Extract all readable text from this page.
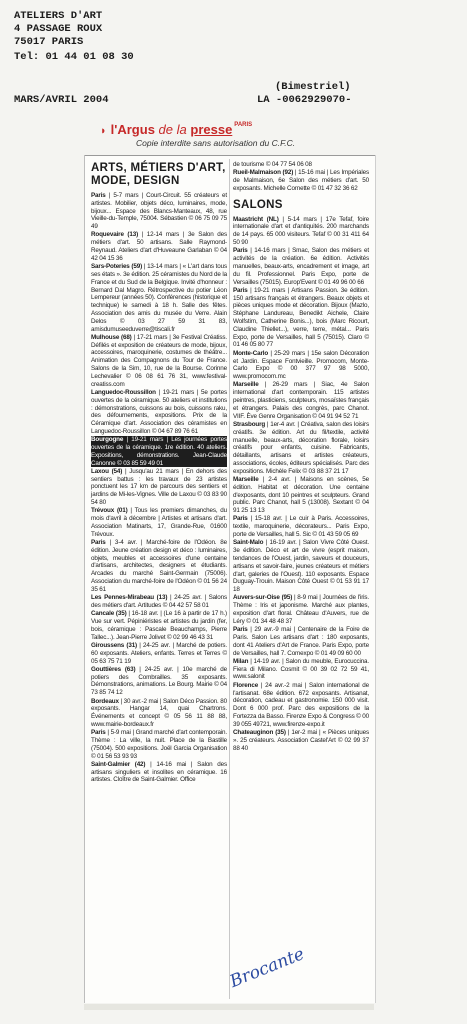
ATELIERS D'ART
4 PASSAGE ROUX
75017 PARIS
Tel: 01 44 01 08 30
MARS/AVRIL 2004
(Bimestriel)
LA -0062929070-
◗ l'Argus de la presse $^{PARIS}$
Copie interdite sans autorisation du C.F.C.
ARTS, MÉTIERS D'ART, MODE, DESIGN

Paris | 5-7 mars | Court-Circuit. 55 créateurs et artistes. Mobilier, objets déco, luminaires, mode, bijoux... Espace des Blancs-Manteaux, 48, rue Vieille-du-Temple, 75004. Sébastien © 06 75 09 75 49

Roquevaire (13) | 12-14 mars | 3e Salon des métiers d'art. 50 artisans. Salle Raymond-Reynaud. Ateliers d'art d'Huveaune Garlaban © 04 42 04 15 36

Sars-Poteries (59) | 13-14 mars | « L'art dans tous ses états ». 3e édition. 25 céramistes du Nord de la France et du Sud de la Belgique. Invité d'honneur : Bernard Dal Magro. Rétrospective du potier Léon Lempereur (années 50). Conférences (historique et technique) le samedi à 18 h. Salle des fêtes. Association des amis du musée du Verre. Alain Delos © 03 27 59 31 83, amisdumuseeduverre@tiscali.fr

Mulhouse (68) | 17-21 mars | 3e Festival Créatiss. Défilés et exposition de créateurs de mode, bijoux, accessoires, maroquinerie, costumes de théâtre... Animation des Compagnons du Tour de France. Salons de la Sim, 10, rue de la Bourse. Corinne Lechevalier © 06 08 61 76 31, www.festival-creatiss.com

Languedoc-Roussillon | 19-21 mars | 5e portes ouvertes de la céramique. 50 ateliers et institutions : démonstrations, cuissons au bois, cuissons raku, des défournements, expositions. Prix de la Céramique d'art. Association des céramistes en Languedoc-Roussillon © 04 67 89 76 61

Bourgogne | 19-21 mars | Les journées portes ouvertes de la céramique. 1re édition. 40 ateliers. Expositions, démonstrations. Jean-Claude Canonne © 03 85 59 49 01

Laxou (54) | Jusqu'au 21 mars | En dehors des sentiers battus : les travaux de 23 artistes ponctuent les 17 km de parcours des sentiers et jardins de Mi-les-Vignes. Ville de Laxou © 03 83 90 54 80

Trévoux (01) | Tous les premiers dimanches, du mois d'avril à décembre | Artistes et artisans d'art. Association Matinarts, 17, Grande-Rue, 01600 Trévoux.

Paris | 3-4 avr. | Marché-foire de l'Odéon. 8e édition. Jeune création design et déco : luminaires, objets, meubles et accessoires d'une centaine d'artisans, architectes, designers et étudiants. Arcades du marché Saint-Germain (75006). Association du marché-foire de l'Odéon © 01 56 24 35 61

Les Pennes-Mirabeau (13) | 24-25 avr. | Salons des métiers d'art. Artitudes © 04 42 57 58 01

Cancale (35) | 16-18 avr. | (Le 16 à partir de 17 h.) Vue sur vert. Pépiniéristes et artistes du jardin (fer, bois, céramique : Pascale Beauchamps, Pierre Tallec...). Jean-Pierre Jolivet © 02 99 46 43 31

Giroussens (31) | 24-25 avr. | Marché de potiers. 60 exposants. Ateliers, enfants. Terres et Terres © 05 63 75 71 19

Gouttières (63) | 24-25 avr. | 10e marché de potiers des Combrailles. 35 exposants. Démonstrations, animations. Le Bourg. Mairie © 04 73 85 74 12

Bordeaux | 30 avr.-2 mai | Salon Déco Passion. 80 exposants. Hangar 14, quai Chartrons. Événements et concept © 05 56 11 88 88, www.mairie-bordeaux.fr

Paris | 5-9 mai | Grand marché d'art contemporain. Thème : La ville, la nuit. Place de la Bastille (75004). 500 expositions. Joël Garcia Organisation © 01 56 53 93 93

Saint-Galmier (42) | 14-16 mai | Salon des artisans singuliers et insolites en céramique. 16 artistes. Cloître de Saint-Galmier. Office

de tourisme © 04 77 54 06 08

Rueil-Malmaison (92) | 15-16 mai | Les Impériales de Malmaison, 6e Salon des métiers d'art. 50 exposants. Michelle Cornette © 01 47 32 36 62

SALONS

Maastricht (NL) | 5-14 mars | 17e Tefaf, foire internationale d'art et d'antiquités. 200 marchands de 14 pays. 65 000 visiteurs. Tefaf © 00 31 411 64 50 90

Paris | 14-16 mars | Smac, Salon des métiers et activités de la création. 6e édition. Activités manuelles, beaux-arts, encadrement et image, art du fil. Professionnel. Paris Expo, porte de Versailles (75015). Europ'Event © 01 49 96 00 66

Paris | 19-21 mars | Artisans Passion. 3e édition. 150 artisans français et étrangers. Beaux objets et pièces uniques mode et décoration. Bijoux (Mazlo, Stéphane Landureau, Benedikt Aichele, Claire Wolfstirn, Catherine Bonis...), bois (Marc Ricourt, Claudine Thiellet...), verre, terre, métal... Paris Expo, porte de Versailles, hall 5 (75015). Claro © 01 46 05 80 77

Monte-Carlo | 25-29 mars | 15e salon Décoration et Jardin. Espace Fontvieille. Promocom, Monte-Carlo Expo © 00 377 97 98 5000, www.promocom.mc

Marseille | 26-29 mars | Siac, 4e Salon international d'art contemporain. 115 artistes peintres, plasticiens, sculpteurs, mosaïstes français et étrangers. Palais des congrès, parc Chanot. VIIF. Ève Genre Organisation © 04 91 94 52 71

Strasbourg | 1er-4 avr. | Créativa, salon des loisirs créatifs. 3e édition. Art du fil/textile, activité manuelle, beaux-arts, décoration florale, loisirs créatifs pour enfants, cuisine. Fabricants, détaillants, artisans et artistes créateurs, associations, écoles, éditeurs spécialisés. Parc des expositions. Michèle Felix © 03 88 37 21 17

Marseille | 2-4 avr. | Maisons en scènes, 5e édition. Habitat et décoration. Une centaine d'exposants, dont 10 peintres et sculpteurs. Grand public. Parc Chanot, hall 5 (13008). Sextant © 04 91 25 13 13

Paris | 15-18 avr. | Le cuir à Paris. Accessoires, textile, maroquinerie, décorateurs... Paris Expo, porte de Versailles, hall 5. Sic © 01 43 59 05 69

Saint-Malo | 16-19 avr. | Salon Vivre Côté Ouest. 3e édition. Déco et art de vivre (esprit maison, tendances de l'Ouest, jardin, saveurs et douceurs, artisans et savoir-faire, jeunes créateurs et métiers d'art, galeries de l'Ouest). 110 exposants. Espace Duguay-Trouin. Maison Côté Ouest © 01 53 91 17 18

Auvers-sur-Oise (95) | 8-9 mai | Journées de l'iris. Thème : Iris et japonisme. Marché aux plantes, exposition d'art floral. Château d'Auvers, rue de Léry © 01 34 48 48 37

Paris | 29 avr.-9 mai | Centenaire de la Foire de Paris. Salon Les artisans d'art : 180 exposants, dont 41 Ateliers d'Art de France. Paris Expo, porte de Versailles, hall 7. Comexpo © 01 49 09 60 00

Milan | 14-19 avr. | Salon du meuble, Eurocuccina. Fiera di Milano. Cosmit © 00 39 02 72 59 41, www.salonit

Florence | 24 avr.-2 mai | Salon international de l'artisanat. 68e édition. 672 exposants. Artisanat, décoration, cadeau et gastronomie. 150 000 visit. Dont 6 000 prof. Parc des expositions de la Fortezza da Basso. Firenze Expo & Congress © 00 39 055 49721, www.firenze-expo.it

Chateauginon (35) | 1er-2 mai | « Pièces uniques ». 25 créateurs. Association Castel'Art © 02 99 37 88 40

Brocante
